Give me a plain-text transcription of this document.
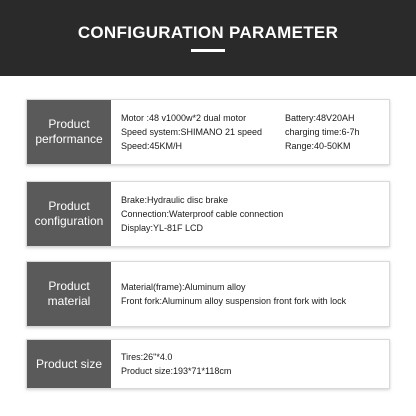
CONFIGURATION PARAMETER
Product performance
Motor :48 v1000w*2 dual motor	Battery:48V20AH
Speed system:SHIMANO 21 speed	charging time:6-7h
Speed:45KM/H	Range:40-50KM
Product configuration
Brake:Hydraulic disc brake
Connection:Waterproof cable connection
Display:YL-81F LCD
Product material
Material(frame):Aluminum alloy
Front fork:Aluminum alloy suspension front fork with lock
Product size	Tires:26"*4.0
Product size:193*71*118cm
